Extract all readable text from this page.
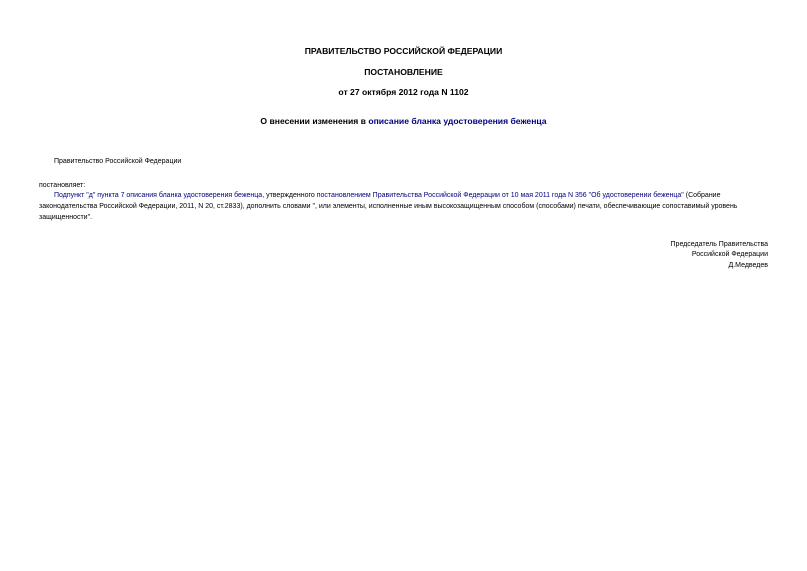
ПРАВИТЕЛЬСТВО РОССИЙСКОЙ ФЕДЕРАЦИИ
ПОСТАНОВЛЕНИЕ
от 27 октября 2012 года N 1102
О внесении изменения в описание бланка удостоверения беженца
Правительство Российской Федерации
постановляет:
Подпункт "д" пункта 7 описания бланка удостоверения беженца, утвержденного постановлением Правительства Российской Федерации от 10 мая 2011 года N 356 "Об удостоверении беженца" (Собрание
законодательства Российской Федерации, 2011, N 20, ст.2833), дополнить словами ", или элементы, исполненные иным высокозащищенным способом (способами) печати, обеспечивающие сопоставимый уровень
защищенности".
Председатель Правительства
Российской Федерации
Д.Медведев
